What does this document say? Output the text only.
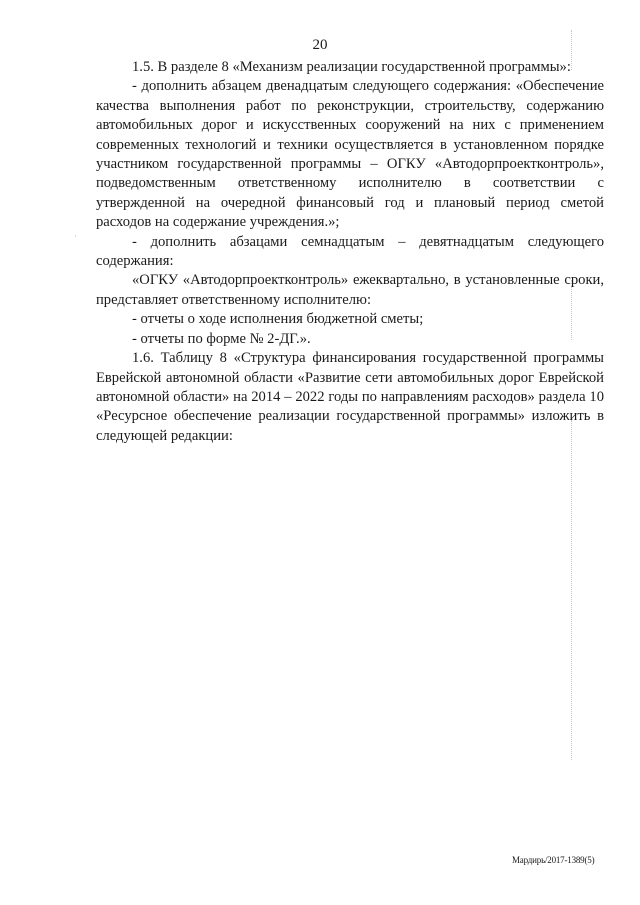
20

1.5. В разделе 8 «Механизм реализации государственной программы»:

- дополнить абзацем двенадцатым следующего содержания: «Обеспечение качества выполнения работ по реконструкции, строительству, содержанию автомобильных дорог и искусственных сооружений на них с применением современных технологий и техники осуществляется в установленном порядке участником государственной программы – ОГКУ «Автодорпроектконтроль», подведомственным ответственному исполнителю в соответствии с утвержденной на очередной финансовый год и плановый период сметой расходов на содержание учреждения.»;

- дополнить абзацами семнадцатым – девятнадцатым следующего содержания:

«ОГКУ «Автодорпроектконтроль» ежеквартально, в установленные сроки, представляет ответственному исполнителю:

- отчеты о ходе исполнения бюджетной сметы;

- отчеты по форме № 2-ДГ.».

1.6. Таблицу 8 «Структура финансирования государственной программы Еврейской автономной области «Развитие сети автомобильных дорог Еврейской автономной области» на 2014 – 2022 годы по направлениям расходов» раздела 10 «Ресурсное обеспечение реализации государственной программы» изложить в следующей редакции:

·
Мардирь/2017-1389(5)
